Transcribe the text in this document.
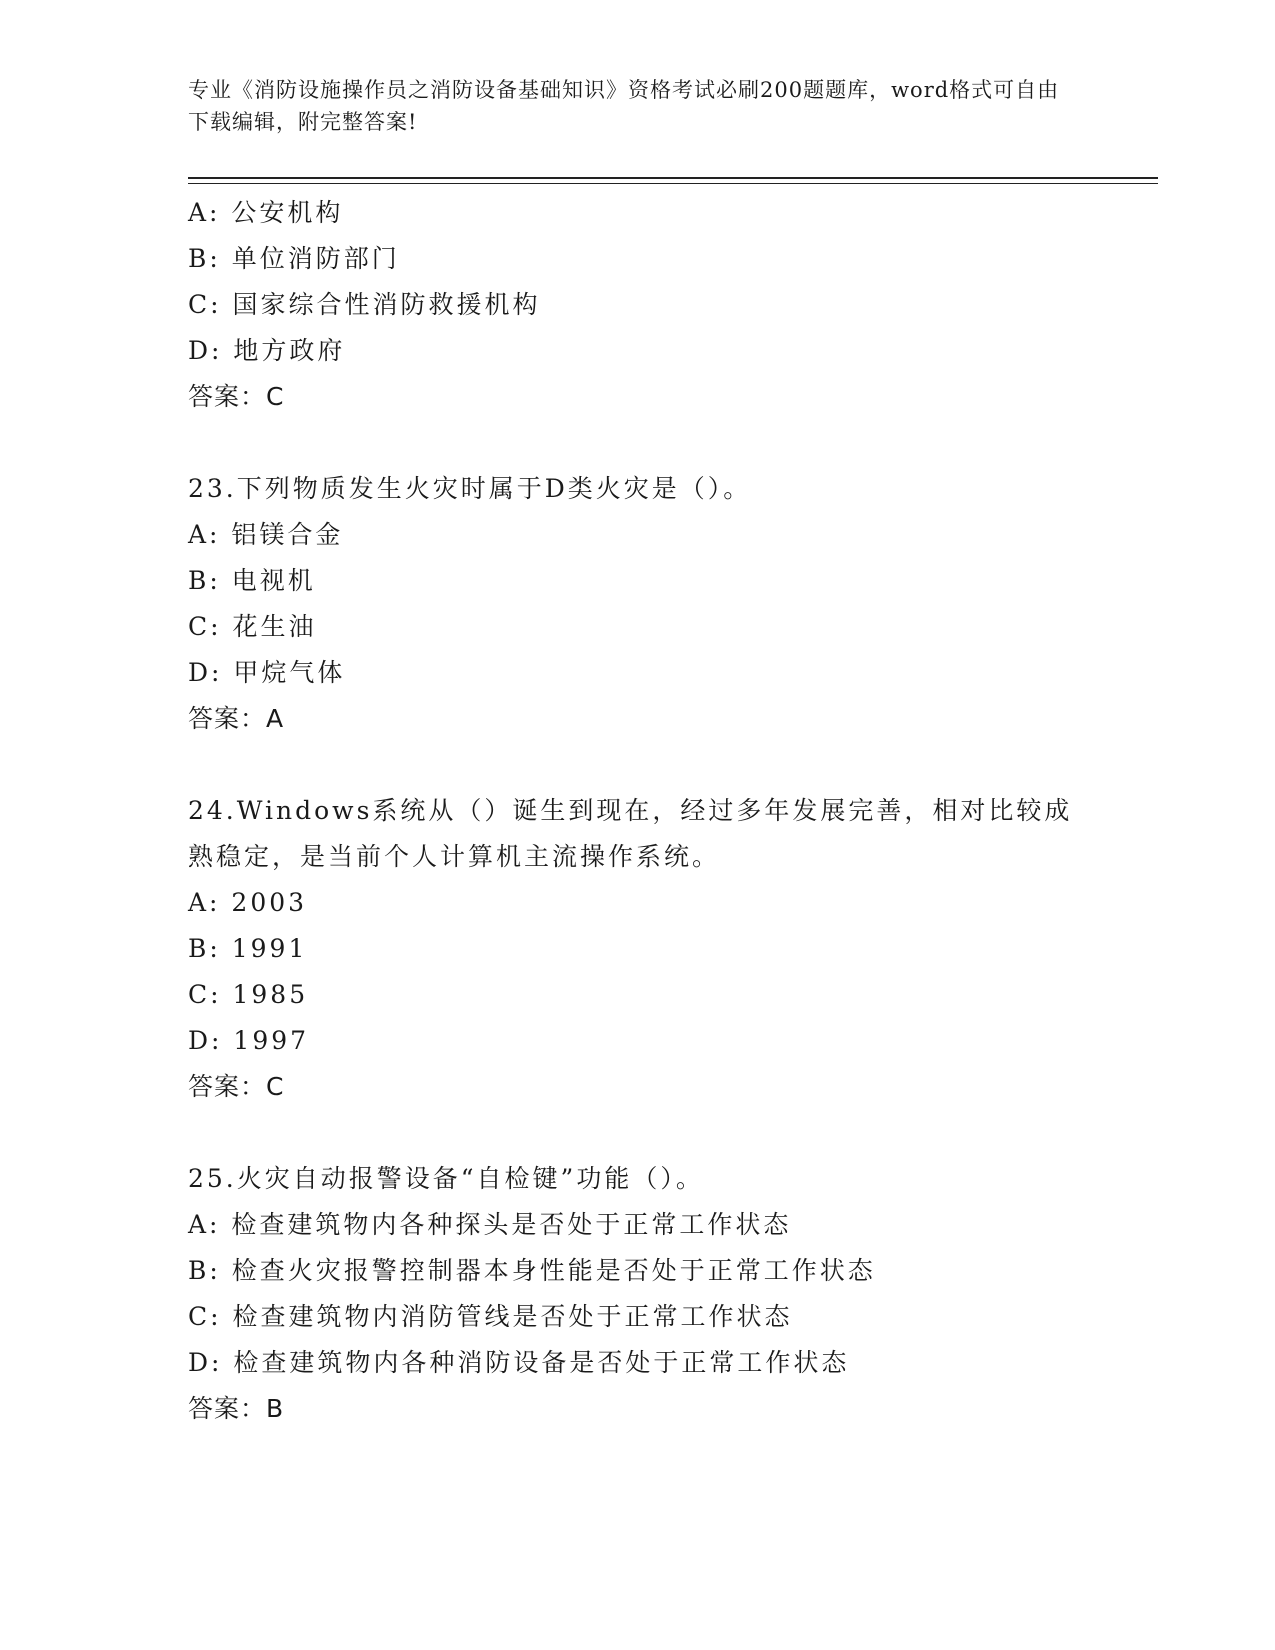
专业《消防设施操作员之消防设备基础知识》资格考试必刷200题题库，word格式可自由下载编辑，附完整答案!
A: 公安机构
B: 单位消防部门
C: 国家综合性消防救援机构
D: 地方政府
答案：C
23.下列物质发生火灾时属于D类火灾是（）。
A: 铝镁合金
B: 电视机
C: 花生油
D: 甲烷气体
答案：A
24.Windows系统从（）诞生到现在，经过多年发展完善，相对比较成
熟稳定，是当前个人计算机主流操作系统。
A: 2003
B: 1991
C: 1985
D: 1997
答案：C
25.火灾自动报警设备“自检键”功能（）。
A: 检查建筑物内各种探头是否处于正常工作状态
B: 检查火灾报警控制器本身性能是否处于正常工作状态
C: 检查建筑物内消防管线是否处于正常工作状态
D: 检查建筑物内各种消防设备是否处于正常工作状态
答案：B
